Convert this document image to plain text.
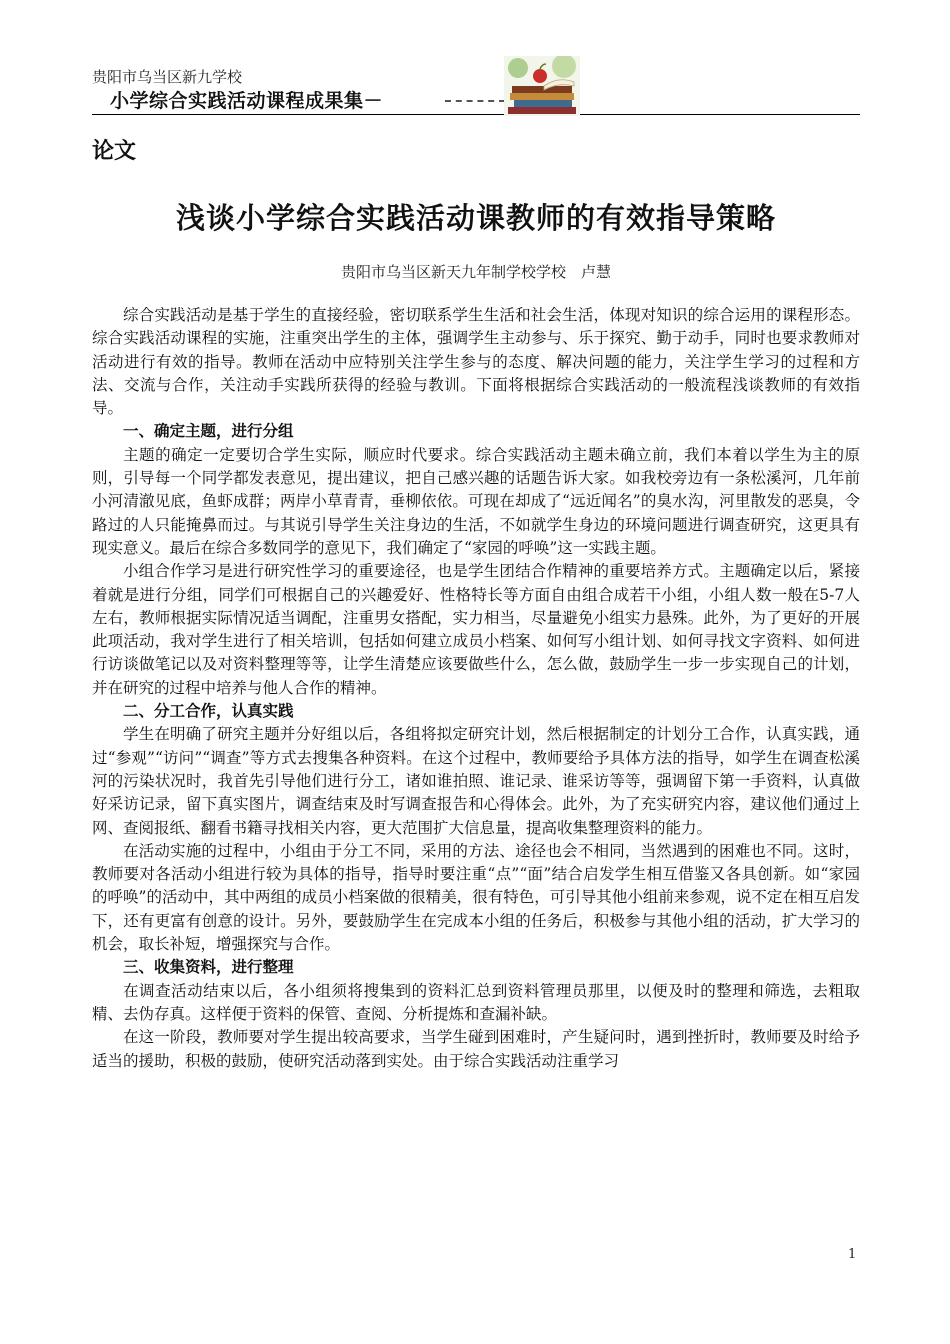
贵阳市乌当区新九学校
小学综合实践活动课程成果集－
论文
浅谈小学综合实践活动课教师的有效指导策略
贵阳市乌当区新天九年制学校学校　卢慧

综合实践活动是基于学生的直接经验，密切联系学生生活和社会生活，体现对知识的综合运用的课程形态。综合实践活动课程的实施，注重突出学生的主体，强调学生主动参与、乐于探究、勤于动手，同时也要求教师对活动进行有效的指导。教师在活动中应特别关注学生参与的态度、解决问题的能力，关注学生学习的过程和方法、交流与合作，关注动手实践所获得的经验与教训。下面将根据综合实践活动的一般流程浅谈教师的有效指导。

一、确定主题，进行分组

主题的确定一定要切合学生实际，顺应时代要求。综合实践活动主题未确立前，我们本着以学生为主的原则，引导每一个同学都发表意见，提出建议，把自己感兴趣的话题告诉大家。如我校旁边有一条松溪河，几年前小河清澈见底，鱼虾成群；两岸小草青青，垂柳依依。可现在却成了“远近闻名”的臭水沟，河里散发的恶臭，令路过的人只能掩鼻而过。与其说引导学生关注身边的生活，不如就学生身边的环境问题进行调查研究，这更具有现实意义。最后在综合多数同学的意见下，我们确定了“家园的呼唤”这一实践主题。

小组合作学习是进行研究性学习的重要途径，也是学生团结合作精神的重要培养方式。主题确定以后，紧接着就是进行分组，同学们可根据自己的兴趣爱好、性格特长等方面自由组合成若干小组，小组人数一般在5-7人左右，教师根据实际情况适当调配，注重男女搭配，实力相当，尽量避免小组实力悬殊。此外，为了更好的开展此项活动，我对学生进行了相关培训，包括如何建立成员小档案、如何写小组计划、如何寻找文字资料、如何进行访谈做笔记以及对资料整理等等，让学生清楚应该要做些什么，怎么做，鼓励学生一步一步实现自己的计划，并在研究的过程中培养与他人合作的精神。

二、分工合作，认真实践

学生在明确了研究主题并分好组以后，各组将拟定研究计划，然后根据制定的计划分工合作，认真实践，通过“参观”“访问”“调查”等方式去搜集各种资料。在这个过程中，教师要给予具体方法的指导，如学生在调查松溪河的污染状况时，我首先引导他们进行分工，诸如谁拍照、谁记录、谁采访等等，强调留下第一手资料，认真做好采访记录，留下真实图片，调查结束及时写调查报告和心得体会。此外，为了充实研究内容，建议他们通过上网、查阅报纸、翻看书籍寻找相关内容，更大范围扩大信息量，提高收集整理资料的能力。

在活动实施的过程中，小组由于分工不同，采用的方法、途径也会不相同，当然遇到的困难也不同。这时，教师要对各活动小组进行较为具体的指导，指导时要注重“点”“面”结合启发学生相互借鉴又各具创新。如“家园的呼唤”的活动中，其中两组的成员小档案做的很精美，很有特色，可引导其他小组前来参观，说不定在相互启发下，还有更富有创意的设计。另外，要鼓励学生在完成本小组的任务后，积极参与其他小组的活动，扩大学习的机会，取长补短，增强探究与合作。

三、收集资料，进行整理

在调查活动结束以后，各小组须将搜集到的资料汇总到资料管理员那里，以便及时的整理和筛选，去粗取精、去伪存真。这样便于资料的保管、查阅、分析提炼和查漏补缺。

在这一阶段，教师要对学生提出较高要求，当学生碰到困难时，产生疑问时，遇到挫折时，教师要及时给予适当的援助，积极的鼓励，使研究活动落到实处。由于综合实践活动注重学习

1
